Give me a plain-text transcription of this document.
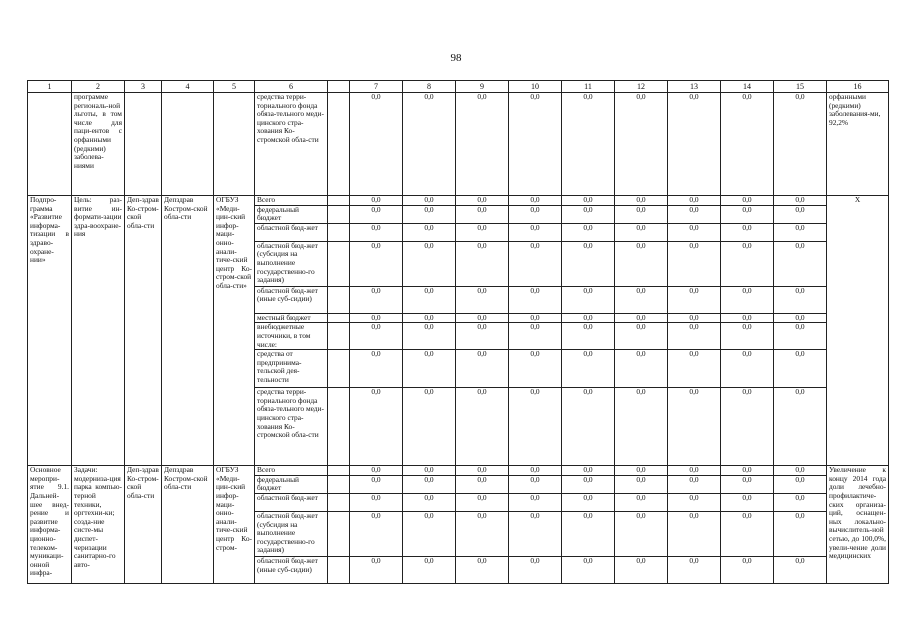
98
1	2	3	4	5	6		7	8	9	10	11	12	13	14	15	16
	программе региональ-ной льготы, в том числе для паци-ентов с орфанными (редкими) заболева-ниями				средства терри-ториального фонда обяза-тельного меди-цинского стра-хования Ко-стромской обла-сти		0,0	0,0	0,0	0,0	0,0	0,0	0,0	0,0	0,0	орфанными (редкими) заболевания-ми, 92,2%
Подпро-грамма «Развитие информа-тизации в здраво-охране-нии»	Цель: раз-витие ин-формати-зации здра-воохране-ния	Деп-здрав Ко-стром-ской обла-сти	Депздрав Костром-ской обла-сти	ОГБУЗ «Меди-цин-ский инфор-маци-онно-анали-тиче-ский центр Ко-стром-ской обла-сти»	Всего		0,0	0,0	0,0	0,0	0,0	0,0	0,0	0,0	0,0	X
					федеральный бюджет		0,0	0,0	0,0	0,0	0,0	0,0	0,0	0,0	0,0	
					областной бюд-жет		0,0	0,0	0,0	0,0	0,0	0,0	0,0	0,0	0,0	
					областной бюд-жет (субсидия на выполнение государственно-го задания)		0,0	0,0	0,0	0,0	0,0	0,0	0,0	0,0	0,0	
					областной бюд-жет (иные суб-сидии)		0,0	0,0	0,0	0,0	0,0	0,0	0,0	0,0	0,0	
					местный бюджет		0,0	0,0	0,0	0,0	0,0	0,0	0,0	0,0	0,0	
					внебюджетные источники, в том числе:		0,0	0,0	0,0	0,0	0,0	0,0	0,0	0,0	0,0	
					средства от предпринима-тельской дея-тельности		0,0	0,0	0,0	0,0	0,0	0,0	0,0	0,0	0,0	
					средства терри-ториального фонда обяза-тельного меди-цинского стра-хования Ко-стромской обла-сти		0,0	0,0	0,0	0,0	0,0	0,0	0,0	0,0	0,0	
Основное меропри-ятие 9.1. Дальней-шее внед-рение и развитие информа-ционно-телеком-муникаци-онной инфра-	Задачи: модерниза-ция парка компью-терной техники, оргтехни-ки; созда-ние систе-мы диспет-черизации санитарно-го авто-	Деп-здрав Ко-стром-ской обла-сти	Депздрав Костром-ской обла-сти	ОГБУЗ «Меди-цин-ский инфор-маци-онно-анали-тиче-ский центр Ко-стром-	Всего		0,0	0,0	0,0	0,0	0,0	0,0	0,0	0,0	0,0	Увеличение к концу 2014 года доли лечебно-профилактиче-ских организа-ций, оснащен-ных локально-вычислитель-ной сетью, до 100,0%, увели-чение доли медицинских
					федеральный бюджет		0,0	0,0	0,0	0,0	0,0	0,0	0,0	0,0	0,0	
					областной бюд-жет		0,0	0,0	0,0	0,0	0,0	0,0	0,0	0,0	0,0	
					областной бюд-жет (субсидия на выполнение государственно-го задания)		0,0	0,0	0,0	0,0	0,0	0,0	0,0	0,0	0,0	
					областной бюд-жет (иные суб-сидии)		0,0	0,0	0,0	0,0	0,0	0,0	0,0	0,0	0,0	
